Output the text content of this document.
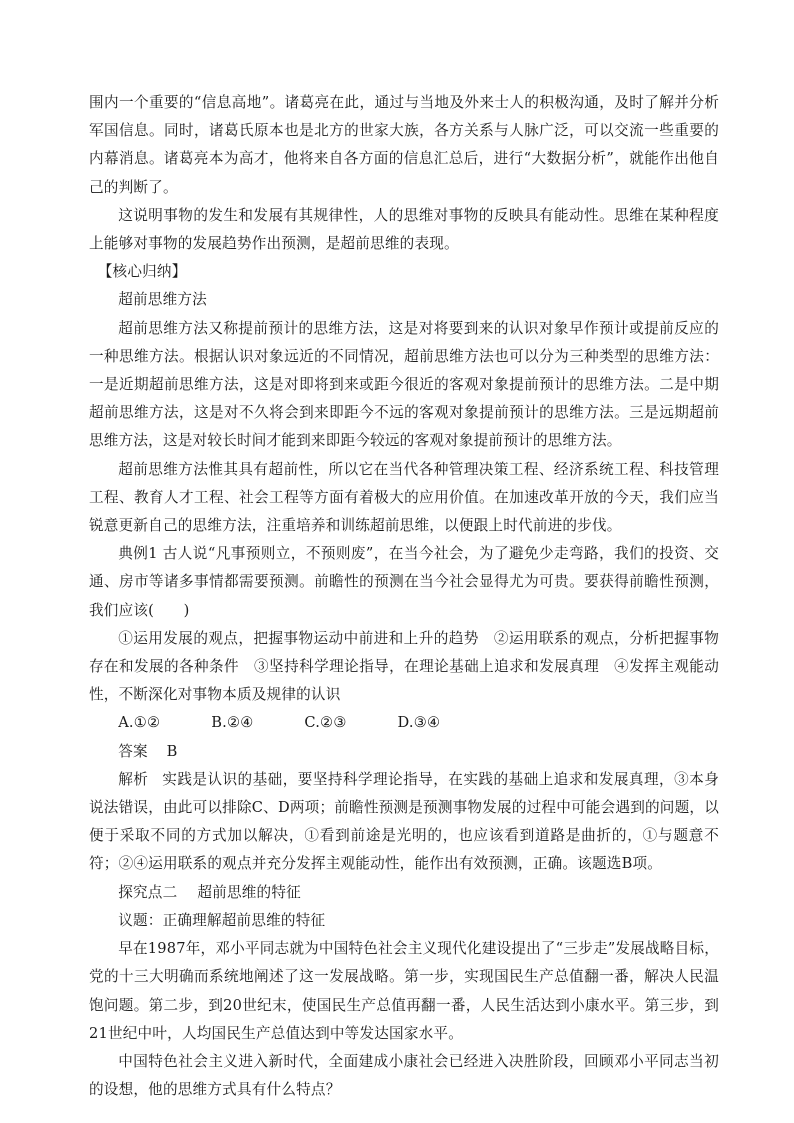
围内一个重要的“信息高地”。诸葛亮在此，通过与当地及外来士人的积极沟通，及时了解并分析军国信息。同时，诸葛氏原本也是北方的世家大族，各方关系与人脉广泛，可以交流一些重要的内幕消息。诸葛亮本为高才，他将来自各方面的信息汇总后，进行“大数据分析”，就能作出他自己的判断了。

这说明事物的发生和发展有其规律性，人的思维对事物的反映具有能动性。思维在某种程度上能够对事物的发展趋势作出预测，是超前思维的表现。

【核心归纳】

超前思维方法

超前思维方法又称提前预计的思维方法，这是对将要到来的认识对象早作预计或提前反应的一种思维方法。根据认识对象远近的不同情况，超前思维方法也可以分为三种类型的思维方法：一是近期超前思维方法，这是对即将到来或距今很近的客观对象提前预计的思维方法。二是中期超前思维方法，这是对不久将会到来即距今不远的客观对象提前预计的思维方法。三是远期超前思维方法，这是对较长时间才能到来即距今较远的客观对象提前预计的思维方法。

超前思维方法惟其具有超前性，所以它在当代各种管理决策工程、经济系统工程、科技管理工程、教育人才工程、社会工程等方面有着极大的应用价值。在加速改革开放的今天，我们应当锐意更新自己的思维方法，注重培养和训练超前思维，以便跟上时代前进的步伐。

典例1 古人说“凡事预则立，不预则废”，在当今社会，为了避免少走弯路，我们的投资、交通、房市等诸多事情都需要预测。前瞻性的预测在当今社会显得尤为可贵。要获得前瞻性预测，我们应该(　　)

①运用发展的观点，把握事物运动中前进和上升的趋势　②运用联系的观点，分析把握事物存在和发展的各种条件　③坚持科学理论指导，在理论基础上追求和发展真理　④发挥主观能动性，不断深化对事物本质及规律的认识

A.①②	B.②④	C.②③	D.③④

答案 B

解析 实践是认识的基础，要坚持科学理论指导，在实践的基础上追求和发展真理，③本身说法错误，由此可以排除C、D两项；前瞻性预测是预测事物发展的过程中可能会遇到的问题，以便于采取不同的方式加以解决，①看到前途是光明的，也应该看到道路是曲折的，①与题意不符；②④运用联系的观点并充分发挥主观能动性，能作出有效预测，正确。该题选B项。

探究点二 超前思维的特征

议题：正确理解超前思维的特征

早在1987年，邓小平同志就为中国特色社会主义现代化建设提出了“三步走”发展战略目标，党的十三大明确而系统地阐述了这一发展战略。第一步，实现国民生产总值翻一番，解决人民温饱问题。第二步，到20世纪末，使国民生产总值再翻一番，人民生活达到小康水平。第三步，到21世纪中叶，人均国民生产总值达到中等发达国家水平。

中国特色社会主义进入新时代，全面建成小康社会已经进入决胜阶段，回顾邓小平同志当初的设想，他的思维方式具有什么特点？
